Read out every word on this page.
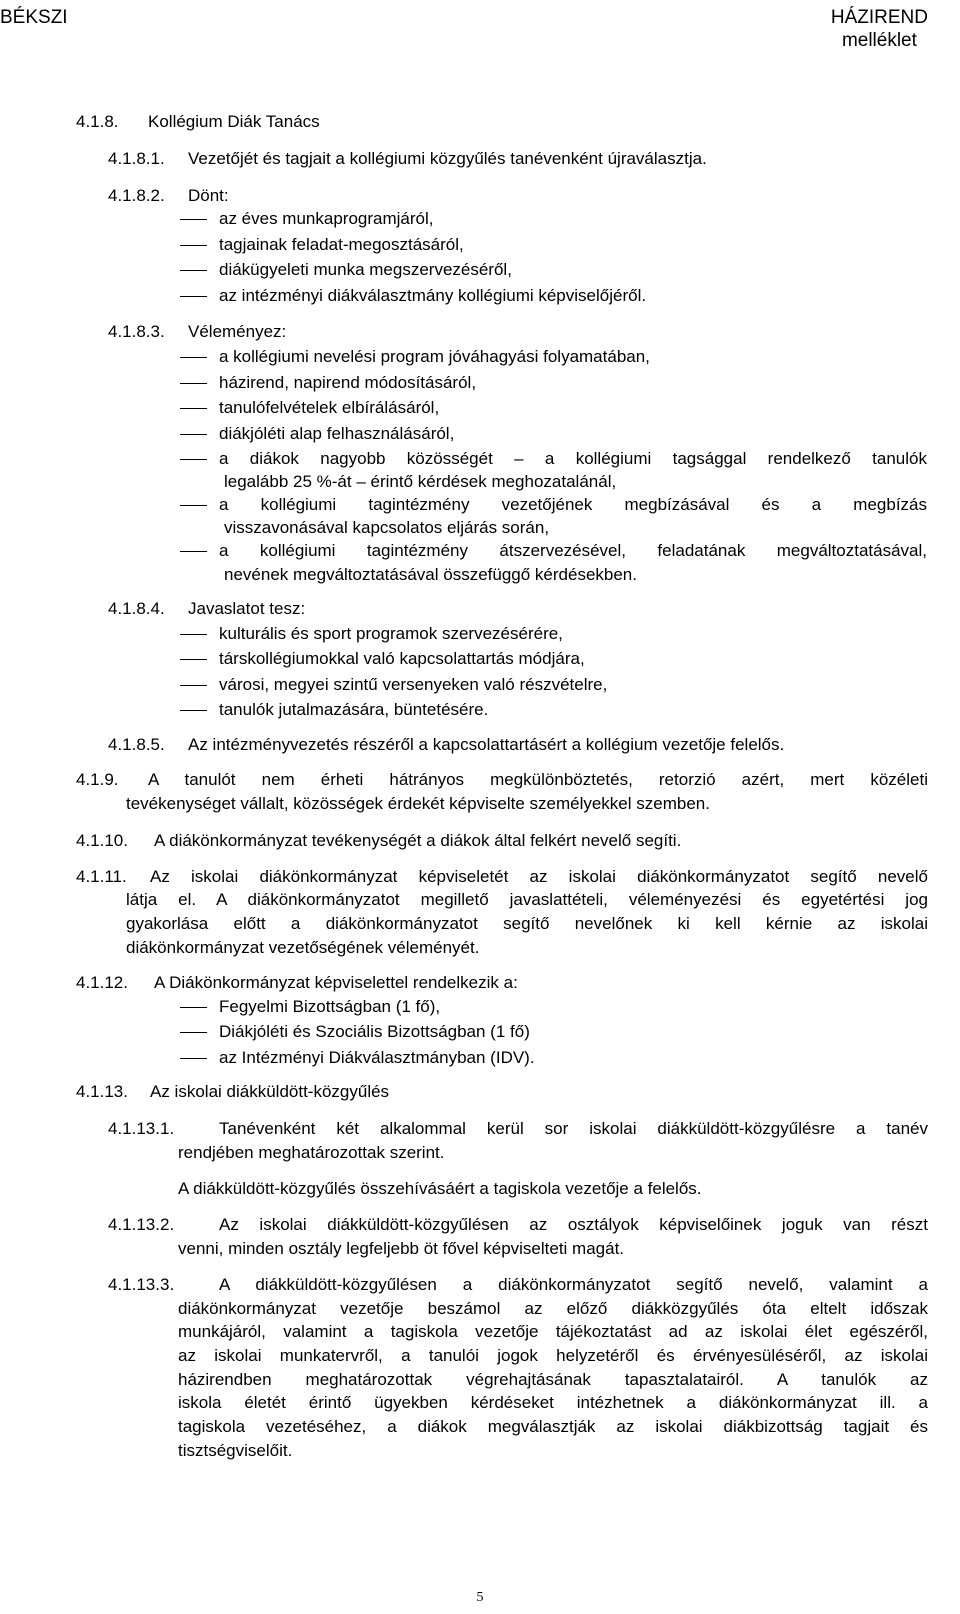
BÉKSZI	HÁZIREND
melléklet
4.1.8. Kollégium Diák Tanács
4.1.8.1. Vezetőjét és tagjait a kollégiumi közgyűlés tanévenként újraválasztja.
4.1.8.2. Dönt:
az éves munkaprogramjáról,
tagjainak feladat-megosztásáról,
diákügyeleti munka megszervezéséről,
az intézményi diákválasztmány kollégiumi képviselőjéről.
4.1.8.3. Véleményez:
a kollégiumi nevelési program jóváhagyási folyamatában,
házirend, napirend módosításáról,
tanulófelvételek elbírálásáról,
diákjóléti alap felhasználásáról,
a diákok nagyobb közösségét – a kollégiumi tagsággal rendelkező tanulók
legalább 25 %-át – érintő kérdések meghozatalánál,
a kollégiumi tagintézmény vezetőjének megbízásával és a megbízás
visszavonásával kapcsolatos eljárás során,
a kollégiumi tagintézmény átszervezésével, feladatának megváltoztatásával,
nevének megváltoztatásával összefüggő kérdésekben.
4.1.8.4. Javaslatot tesz:
kulturális és sport programok szervezésérére,
társkollégiumokkal való kapcsolattartás módjára,
városi, megyei szintű versenyeken való részvételre,
tanulók jutalmazására, büntetésére.
4.1.8.5. Az intézményvezetés részéről a kapcsolattartásért a kollégium vezetője felelős.
4.1.9. A tanulót nem érheti hátrányos megkülönböztetés, retorzió azért, mert közéleti
tevékenységet vállalt, közösségek érdekét képviselte személyekkel szemben.
4.1.10. A diákönkormányzat tevékenységét a diákok által felkért nevelő segíti.
4.1.11. Az iskolai diákönkormányzat képviseletét az iskolai diákönkormányzatot segítő nevelő
látja el. A diákönkormányzatot megillető javaslattételi, véleményezési és egyetértési jog
gyakorlása előtt a diákönkormányzatot segítő nevelőnek ki kell kérnie az iskolai
diákönkormányzat vezetőségének véleményét.
4.1.12. A Diákönkormányzat képviselettel rendelkezik a:
Fegyelmi Bizottságban (1 fő),
Diákjóléti és Szociális Bizottságban (1 fő)
az Intézményi Diákválasztmányban (IDV).
4.1.13. Az iskolai diákküldött-közgyűlés
4.1.13.1.	Tanévenként két alkalommal kerül sor iskolai diákküldött-közgyűlésre a tanév
rendjében meghatározottak szerint.
A diákküldött-közgyűlés összehívásáért a tagiskola vezetője a felelős.
4.1.13.2.	Az iskolai diákküldött-közgyűlésen az osztályok képviselőinek joguk van részt
venni, minden osztály legfeljebb öt fővel képviselteti magát.
4.1.13.3.	A diákküldött-közgyűlésen a diákönkormányzatot segítő nevelő, valamint a
diákönkormányzat vezetője beszámol az előző diákközgyűlés óta eltelt időszak
munkájáról, valamint a tagiskola vezetője tájékoztatást ad az iskolai élet egészéről,
az iskolai munkatervről, a tanulói jogok helyzetéről és érvényesüléséről, az iskolai
házirendben meghatározottak végrehajtásának tapasztalatairól. A tanulók az
iskola életét érintő ügyekben kérdéseket intézhetnek a diákönkormányzat ill. a
tagiskola vezetéséhez, a diákok megválasztják az iskolai diákbizottság tagjait és
tisztségviselőit.
5
